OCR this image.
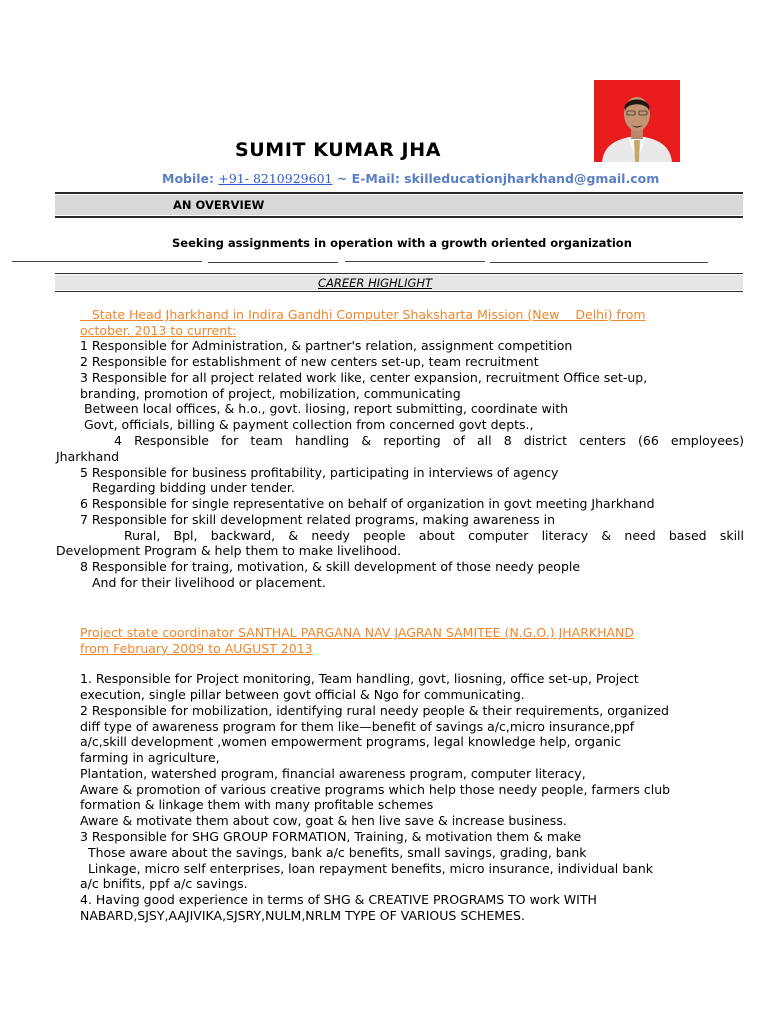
SUMIT KUMAR JHA
Mobile: +91- 8210929601 ~ E-Mail: skilleducationjharkhand@gmail.com
AN OVERVIEW
Seeking assignments in operation with a growth oriented organization
CAREER HIGHLIGHT
State Head Jharkhand in Indira Gandhi Computer Shaksharta Mission (New    Delhi) from
october. 2013 to current:
1 Responsible for Administration, & partner's relation, assignment competition
2 Responsible for establishment of new centers set-up, team recruitment
3 Responsible for all project related work like, center expansion, recruitment Office set-up,
branding, promotion of project, mobilization, communicating
Between local offices, & h.o., govt. liosing, report submitting, coordinate with
Govt, officials, billing & payment collection from concerned govt depts.,
4 Responsible for team handling & reporting of all 8 district centers (66 employees)
Jharkhand
5 Responsible for business profitability, participating in interviews of agency
Regarding bidding under tender.
6 Responsible for single representative on behalf of organization in govt meeting Jharkhand
7 Responsible for skill development related programs, making awareness in
Rural, Bpl, backward, & needy people about computer literacy & need based skill
Development Program & help them to make livelihood.
8 Responsible for traing, motivation, & skill development of those needy people
And for their livelihood or placement.
Project state coordinator SANTHAL PARGANA NAV JAGRAN SAMITEE (N.G.O.) JHARKHAND
from February 2009 to AUGUST 2013
1. Responsible for Project monitoring, Team handling, govt, liosning, office set-up, Project
execution, single pillar between govt official & Ngo for communicating.
2 Responsible for mobilization, identifying rural needy people & their requirements, organized
diff type of awareness program for them like—benefit of savings a/c,micro insurance,ppf
a/c,skill development ,women empowerment programs, legal knowledge help, organic
farming in agriculture,
Plantation, watershed program, financial awareness program, computer literacy,
Aware & promotion of various creative programs which help those needy people, farmers club
formation & linkage them with many profitable schemes
Aware & motivate them about cow, goat & hen live save & increase business.
3 Responsible for SHG GROUP FORMATION, Training, & motivation them & make
Those aware about the savings, bank a/c benefits, small savings, grading, bank
Linkage, micro self enterprises, loan repayment benefits, micro insurance, individual bank
a/c bnifits, ppf a/c savings.
4. Having good experience in terms of SHG & CREATIVE PROGRAMS TO work WITH
NABARD,SJSY,AAJIVIKA,SJSRY,NULM,NRLM TYPE OF VARIOUS SCHEMES.
